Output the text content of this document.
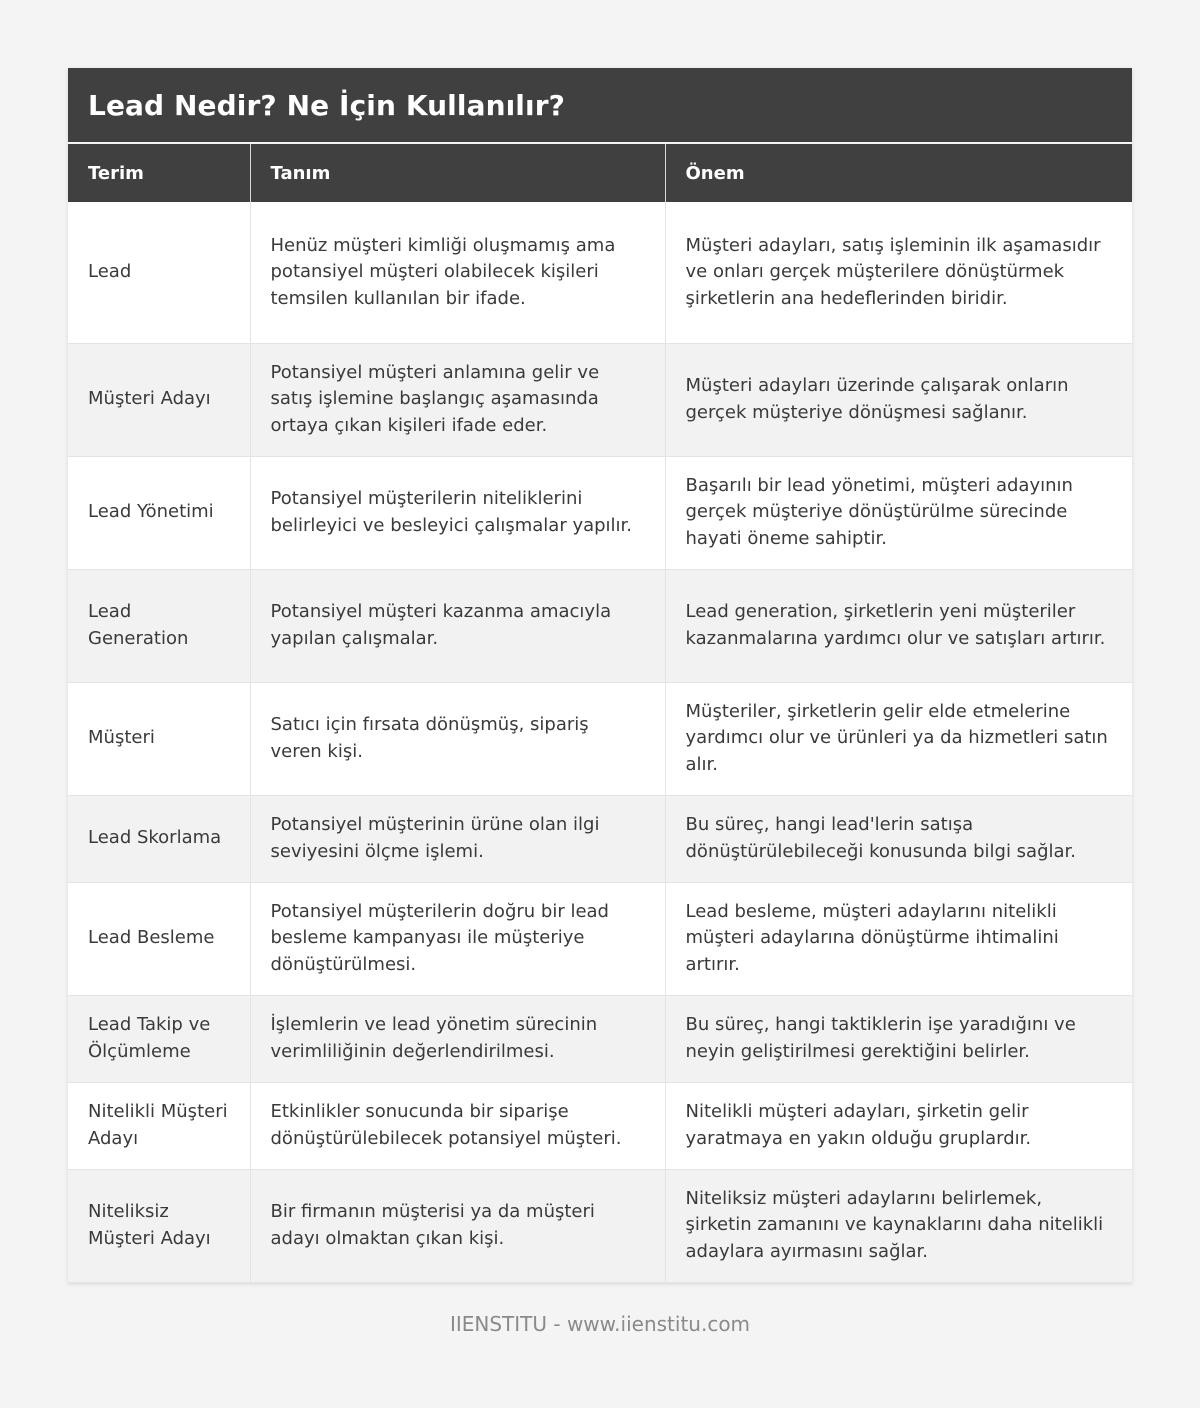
Lead Nedir? Ne İçin Kullanılır?
Terim	Tanım	Önem
Lead	Henüz müşteri kimliği oluşmamış ama potansiyel müşteri olabilecek kişileri temsilen kullanılan bir ifade.	Müşteri adayları, satış işleminin ilk aşamasıdır ve onları gerçek müşterilere dönüştürmek şirketlerin ana hedeflerinden biridir.
Müşteri Adayı	Potansiyel müşteri anlamına gelir ve satış işlemine başlangıç aşamasında ortaya çıkan kişileri ifade eder.	Müşteri adayları üzerinde çalışarak onların gerçek müşteriye dönüşmesi sağlanır.
Lead Yönetimi	Potansiyel müşterilerin niteliklerini belirleyici ve besleyici çalışmalar yapılır.	Başarılı bir lead yönetimi, müşteri adayının gerçek müşteriye dönüştürülme sürecinde hayati öneme sahiptir.
Lead Generation	Potansiyel müşteri kazanma amacıyla yapılan çalışmalar.	Lead generation, şirketlerin yeni müşteriler kazanmalarına yardımcı olur ve satışları artırır.
Müşteri	Satıcı için fırsata dönüşmüş, sipariş veren kişi.	Müşteriler, şirketlerin gelir elde etmelerine yardımcı olur ve ürünleri ya da hizmetleri satın alır.
Lead Skorlama	Potansiyel müşterinin ürüne olan ilgi seviyesini ölçme işlemi.	Bu süreç, hangi lead'lerin satışa dönüştürülebileceği konusunda bilgi sağlar.
Lead Besleme	Potansiyel müşterilerin doğru bir lead besleme kampanyası ile müşteriye dönüştürülmesi.	Lead besleme, müşteri adaylarını nitelikli müşteri adaylarına dönüştürme ihtimalini artırır.
Lead Takip ve Ölçümleme	İşlemlerin ve lead yönetim sürecinin verimliliğinin değerlendirilmesi.	Bu süreç, hangi taktiklerin işe yaradığını ve neyin geliştirilmesi gerektiğini belirler.
Nitelikli Müşteri Adayı	Etkinlikler sonucunda bir siparişe dönüştürülebilecek potansiyel müşteri.	Nitelikli müşteri adayları, şirketin gelir yaratmaya en yakın olduğu gruplardır.
Niteliksiz Müşteri Adayı	Bir firmanın müşterisi ya da müşteri adayı olmaktan çıkan kişi.	Niteliksiz müşteri adaylarını belirlemek, şirketin zamanını ve kaynaklarını daha nitelikli adaylara ayırmasını sağlar.
IIENSTITU - www.iienstitu.com
